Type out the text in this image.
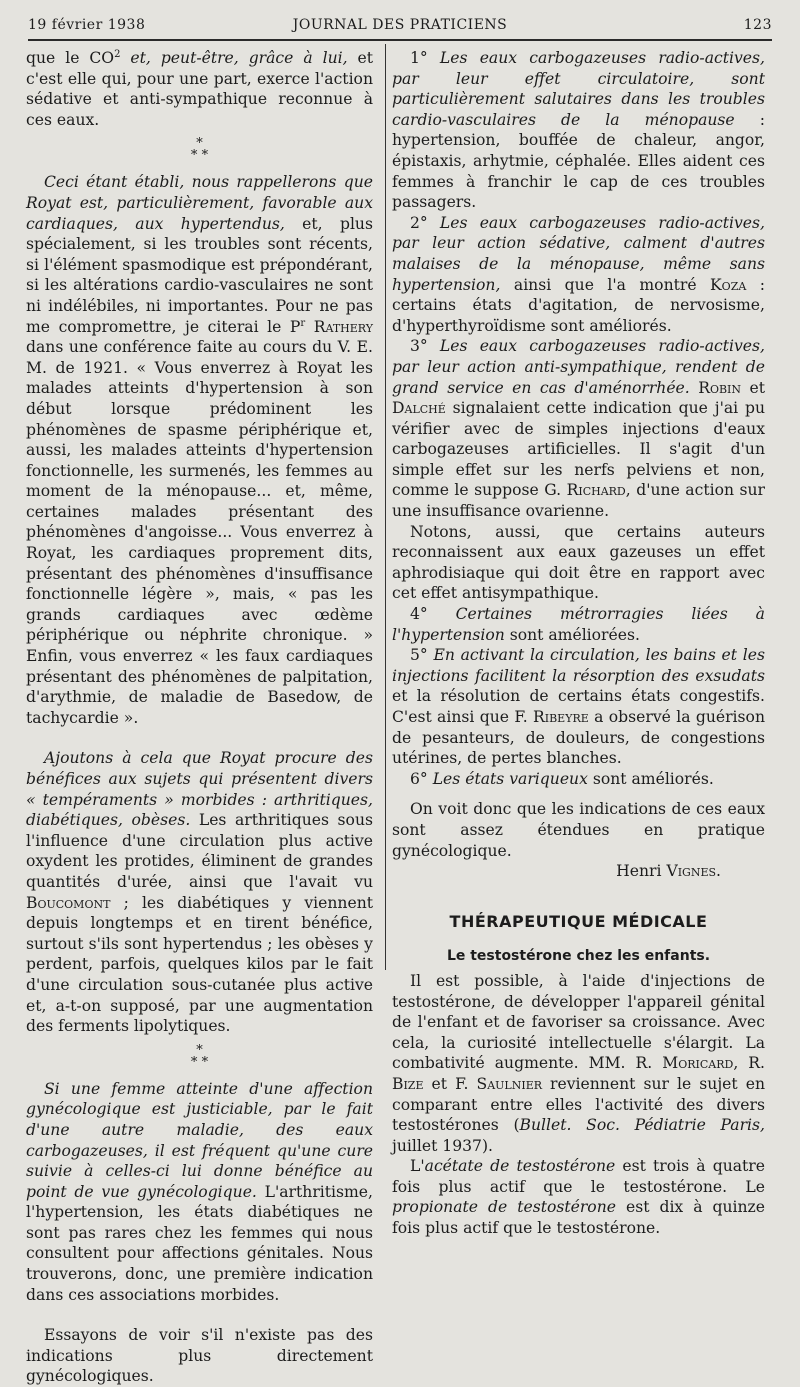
19 février 1938	JOURNAL DES PRATICIENS	123

que le $CO^2$ et, peut-être, grâce à lui, et c'est elle qui, pour une part, exerce l'action sédative et anti-sympathique reconnue à ces eaux.

*
* *

Ceci étant établi, nous rappellerons que Royat est, particulièrement, favorable aux cardiaques, aux hypertendus, et, plus spécialement, si les troubles sont récents, si l'élément spasmodique est prépondérant, si les altérations cardio-vasculaires ne sont ni indélébiles, ni importantes. Pour ne pas me compromettre, je citerai le $P^r$ Rathery dans une conférence faite au cours du V. E. M. de 1921. « Vous enverrez à Royat les malades atteints d'hypertension à son début lorsque prédominent les phénomènes de spasme périphérique et, aussi, les malades atteints d'hypertension fonctionnelle, les surmenés, les femmes au moment de la ménopause... et, même, certaines malades présentant des phénomènes d'angoisse... Vous enverrez à Royat, les cardiaques proprement dits, présentant des phénomènes d'insuffisance fonctionnelle légère », mais, « pas les grands cardiaques avec œdème périphérique ou néphrite chronique. » Enfin, vous enverrez « les faux cardiaques présentant des phénomènes de palpitation, d'arythmie, de maladie de Basedow, de tachycardie ».

Ajoutons à cela que Royat procure des bénéfices aux sujets qui présentent divers « tempéraments » morbides : arthritiques, diabétiques, obèses. Les arthritiques sous l'influence d'une circulation plus active oxydent les protides, éliminent de grandes quantités d'urée, ainsi que l'avait vu Boucomont ; les diabétiques y viennent depuis longtemps et en tirent bénéfice, surtout s'ils sont hypertendus ; les obèses y perdent, parfois, quelques kilos par le fait d'une circulation sous-cutanée plus active et, a-t-on supposé, par une augmentation des ferments lipolytiques.

*
* *

Si une femme atteinte d'une affection gynécologique est justiciable, par le fait d'une autre maladie, des eaux carbogazeuses, il est fréquent qu'une cure suivie à celles-ci lui donne bénéfice au point de vue gynécologique. L'arthritisme, l'hypertension, les états diabétiques ne sont pas rares chez les femmes qui nous consultent pour affections génitales. Nous trouverons, donc, une première indication dans ces associations morbides.

Essayons de voir s'il n'existe pas des indications plus directement gynécologiques.

1° Les eaux carbogazeuses radio-actives, par leur effet circulatoire, sont particulièrement salutaires dans les troubles cardio-vasculaires de la ménopause : hypertension, bouffée de chaleur, angor, épistaxis, arhytmie, céphalée. Elles aident ces femmes à franchir le cap de ces troubles passagers.

2° Les eaux carbogazeuses radio-actives, par leur action sédative, calment d'autres malaises de la ménopause, même sans hypertension, ainsi que l'a montré Koza : certains états d'agitation, de nervosisme, d'hyperthyroïdisme sont améliorés.

3° Les eaux carbogazeuses radio-actives, par leur action anti-sympathique, rendent de grand service en cas d'aménorrhée. Robin et Dalché signalaient cette indication que j'ai pu vérifier avec de simples injections d'eaux carbogazeuses artificielles. Il s'agit d'un simple effet sur les nerfs pelviens et non, comme le suppose G. Richard, d'une action sur une insuffisance ovarienne.

Notons, aussi, que certains auteurs reconnaissent aux eaux gazeuses un effet aphrodisiaque qui doit être en rapport avec cet effet antisympathique.

4° Certaines métrorragies liées à l'hypertension sont améliorées.

5° En activant la circulation, les bains et les injections facilitent la résorption des exsudats et la résolution de certains états congestifs. C'est ainsi que F. Ribeyre a observé la guérison de pesanteurs, de douleurs, de congestions utérines, de pertes blanches.

6° Les états variqueux sont améliorés.

On voit donc que les indications de ces eaux sont assez étendues en pratique gynécologique.

Henri Vignes.

THÉRAPEUTIQUE MÉDICALE
Le testostérone chez les enfants.

Il est possible, à l'aide d'injections de testostérone, de développer l'appareil génital de l'enfant et de favoriser sa croissance. Avec cela, la curiosité intellectuelle s'élargit. La combativité augmente. MM. R. Moricard, R. Bize et F. Saulnier reviennent sur le sujet en comparant entre elles l'activité des divers testostérones (Bullet. Soc. Pédiatrie Paris, juillet 1937).

L'acétate de testostérone est trois à quatre fois plus actif que le testostérone. Le propionate de testostérone est dix à quinze fois plus actif que le testostérone.
